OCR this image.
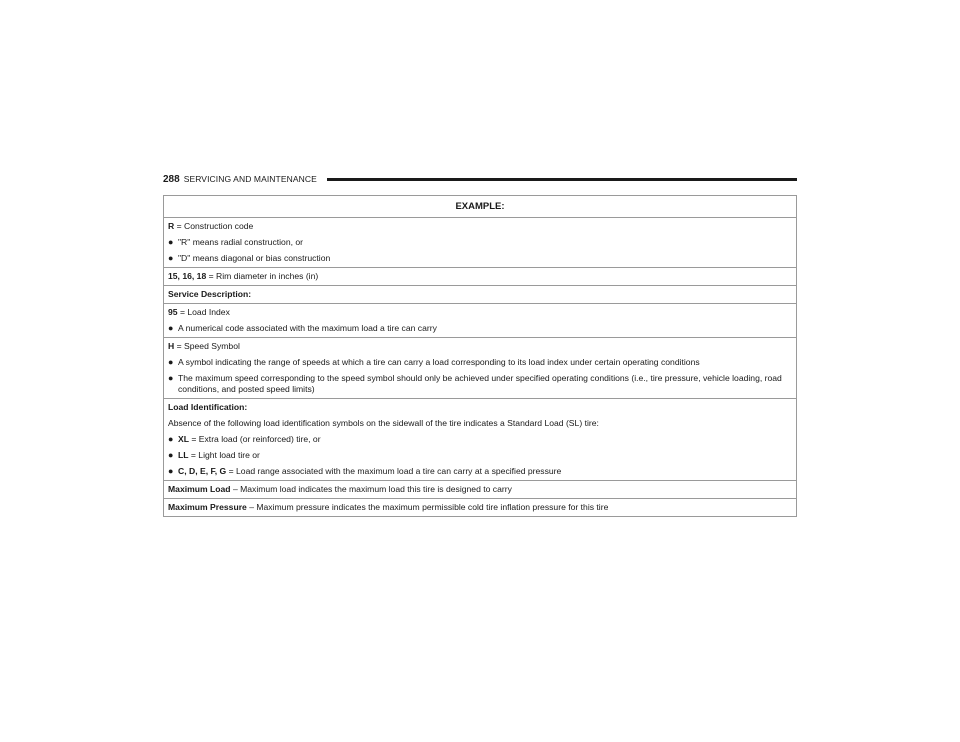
288 SERVICING AND MAINTENANCE
EXAMPLE:

R = Construction code
● "R" means radial construction, or
● "D" means diagonal or bias construction

15, 16, 18 = Rim diameter in inches (in)
Service Description:

95 = Load Index
● A numerical code associated with the maximum load a tire can carry

H = Speed Symbol
● A symbol indicating the range of speeds at which a tire can carry a load corresponding to its load index under certain operating conditions
● The maximum speed corresponding to the speed symbol should only be achieved under specified operating conditions (i.e., tire pressure, vehicle loading, road conditions, and posted speed limits)

Load Identification:
Absence of the following load identification symbols on the sidewall of the tire indicates a Standard Load (SL) tire:
● XL = Extra load (or reinforced) tire, or
● LL = Light load tire or
● C, D, E, F, G = Load range associated with the maximum load a tire can carry at a specified pressure

Maximum Load – Maximum load indicates the maximum load this tire is designed to carry
Maximum Pressure – Maximum pressure indicates the maximum permissible cold tire inflation pressure for this tire
